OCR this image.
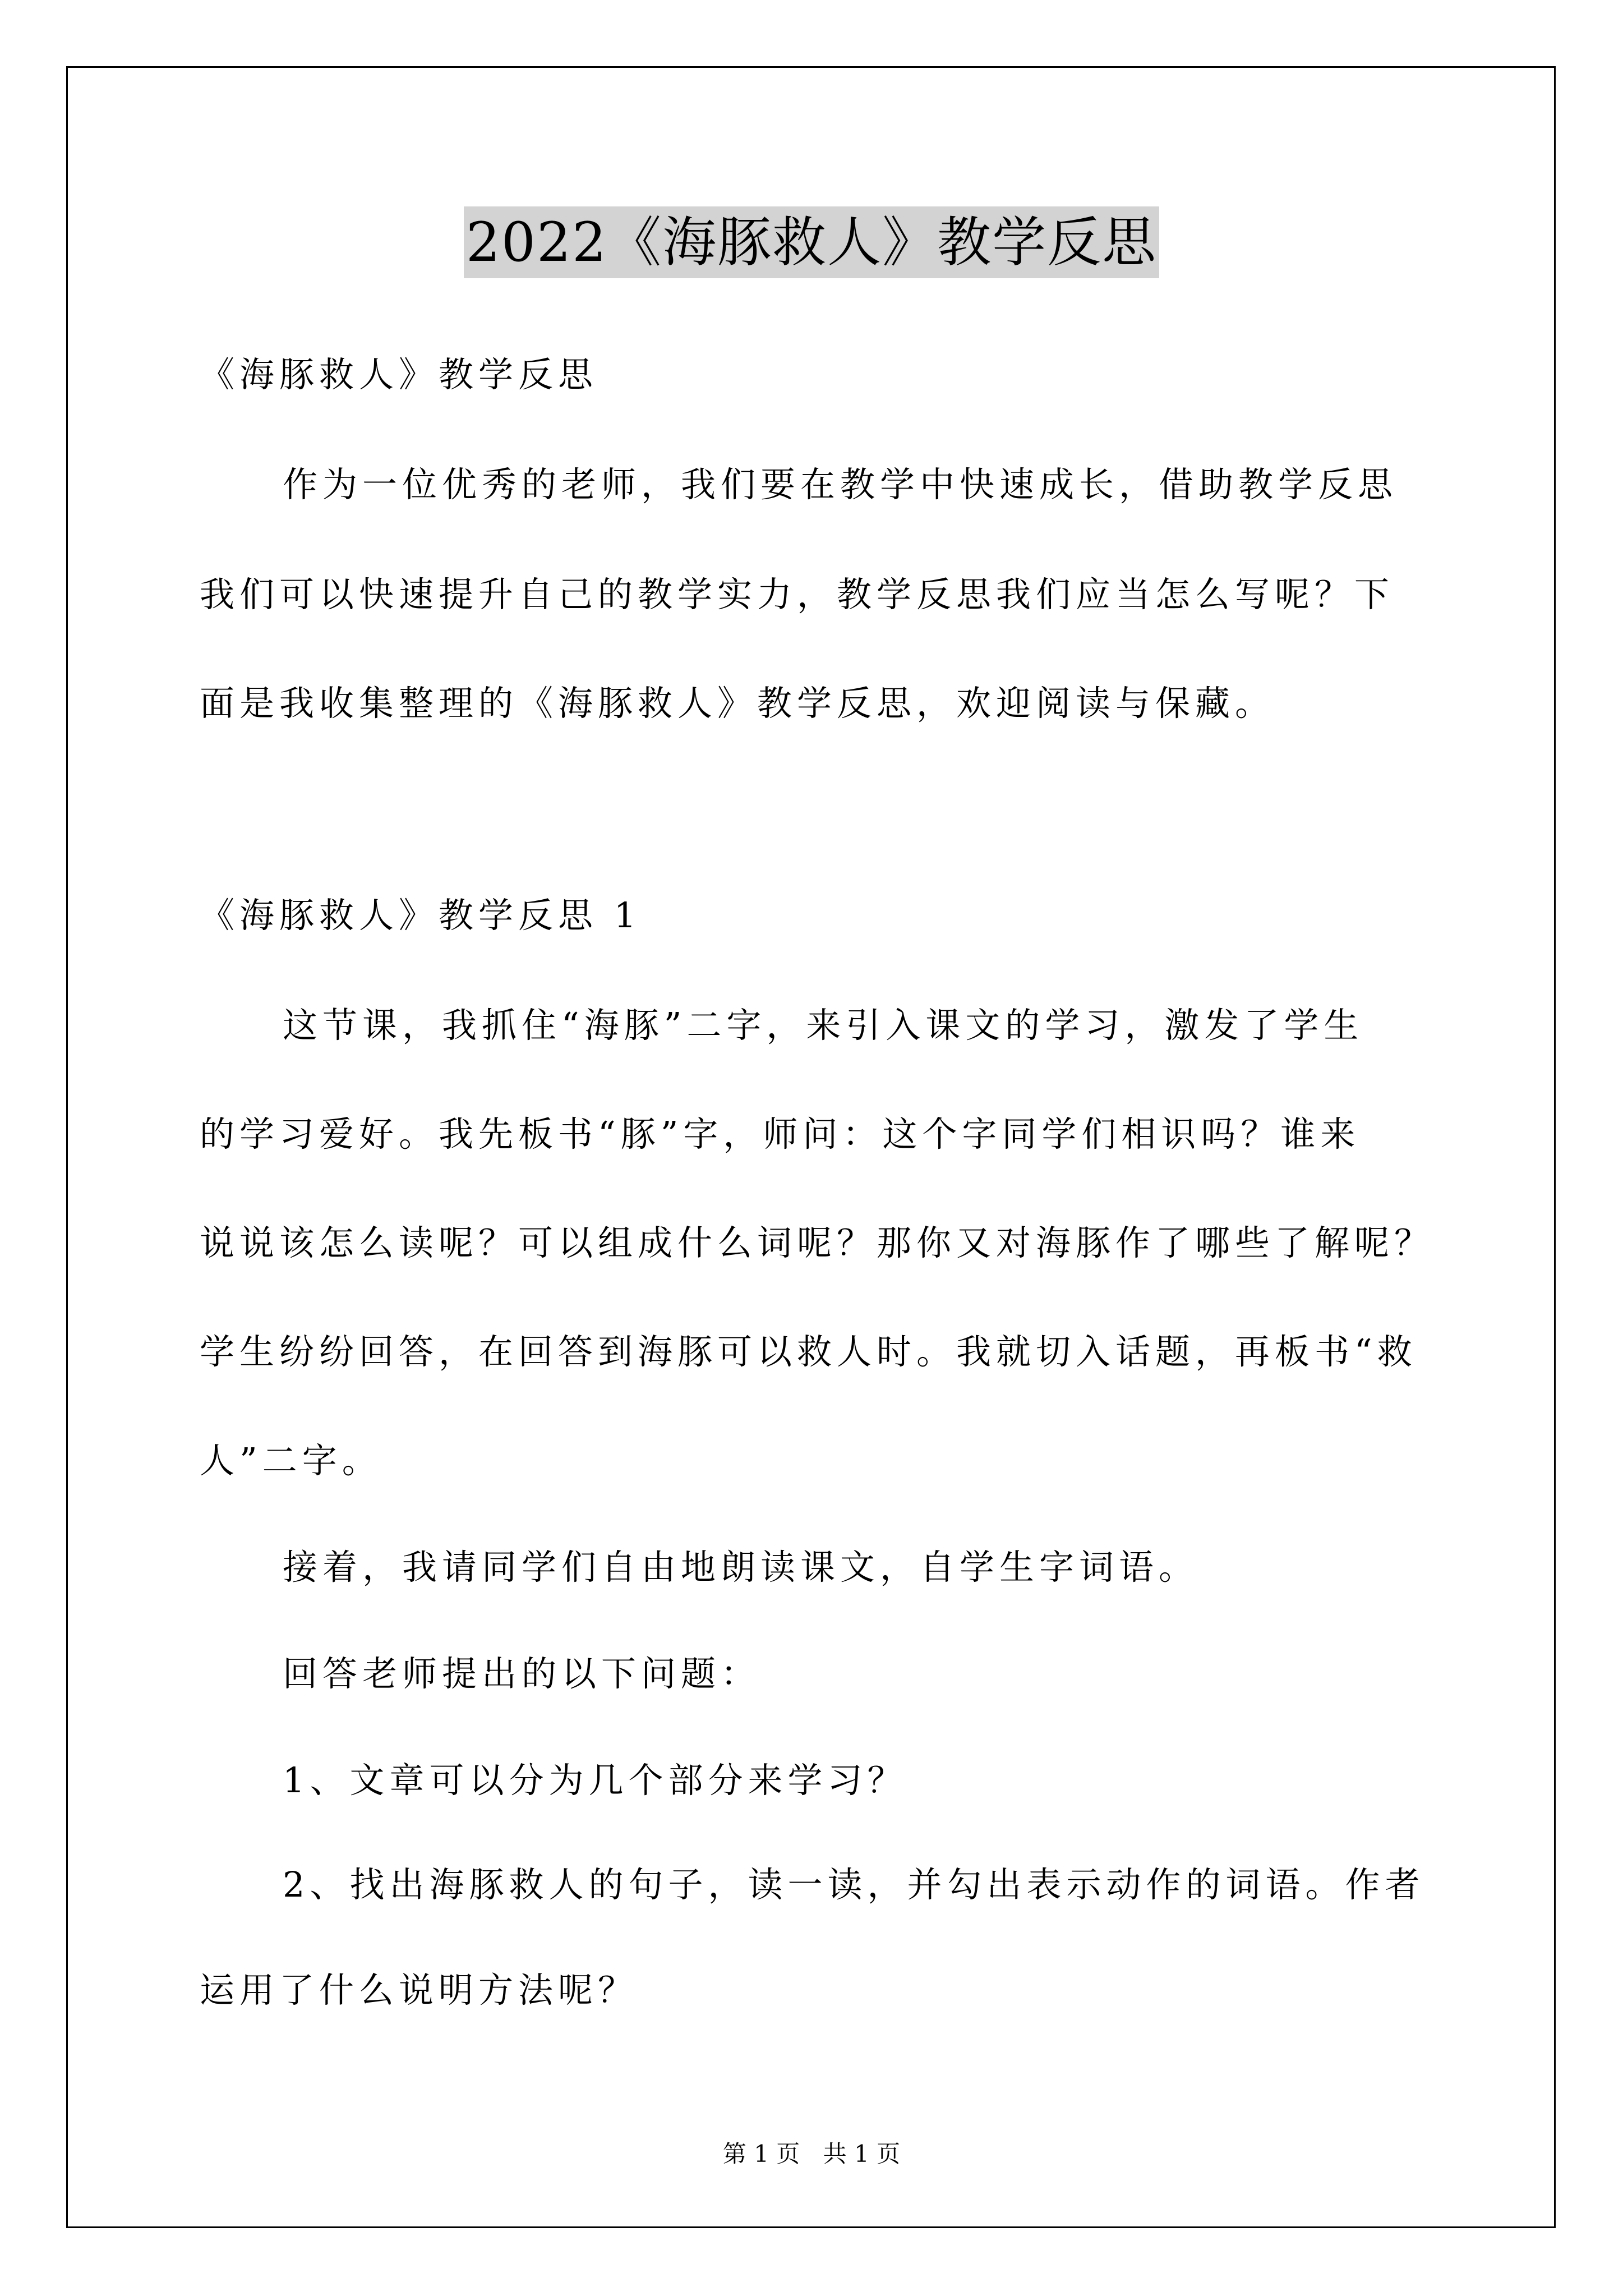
2022《海豚救人》教学反思
《海豚救人》教学反思
作为一位优秀的老师，我们要在教学中快速成长，借助教学反思
我们可以快速提升自己的教学实力，教学反思我们应当怎么写呢？下
面是我收集整理的《海豚救人》教学反思，欢迎阅读与保藏。
《海豚救人》教学反思 1
这节课，我抓住“海豚”二字，来引入课文的学习，激发了学生
的学习爱好。我先板书“豚”字，师问：这个字同学们相识吗？谁来
说说该怎么读呢？可以组成什么词呢？那你又对海豚作了哪些了解呢？
学生纷纷回答，在回答到海豚可以救人时。我就切入话题，再板书“救
人”二字。
接着，我请同学们自由地朗读课文，自学生字词语。
回答老师提出的以下问题：
1、文章可以分为几个部分来学习？
2、找出海豚救人的句子，读一读，并勾出表示动作的词语。作者
运用了什么说明方法呢？
第 1 页 共 1 页
